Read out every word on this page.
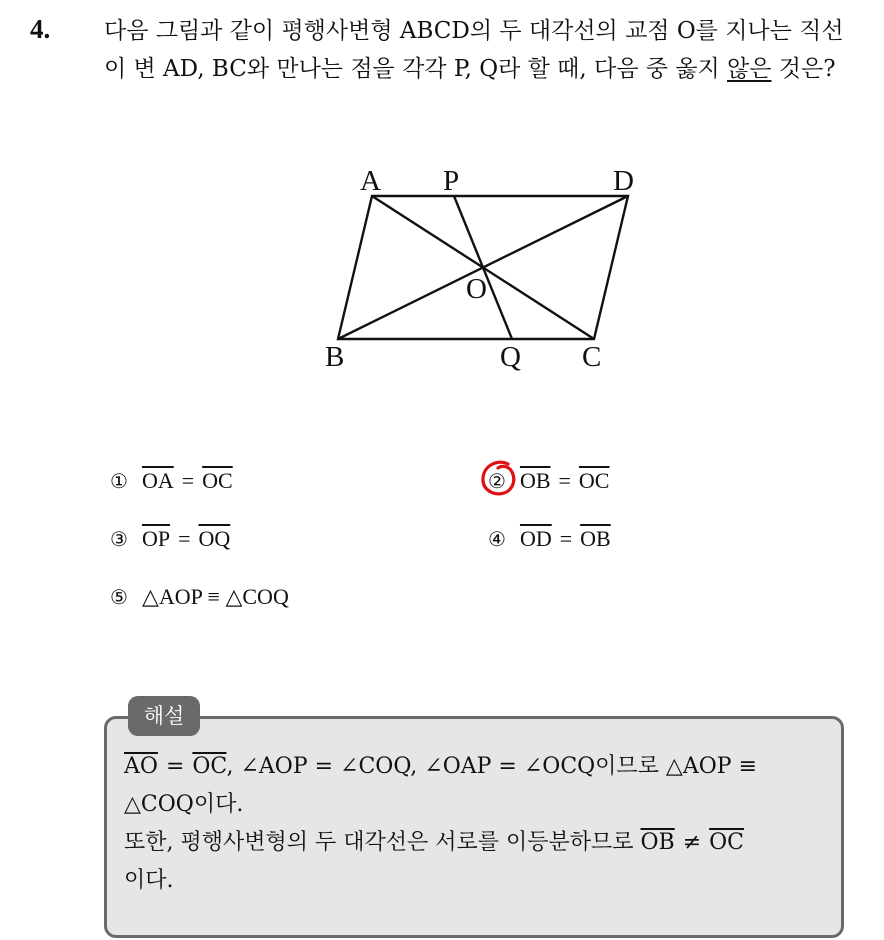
4. 다음 그림과 같이 평행사변형 ABCD의 두 대각선의 교점 O를 지나는 직선이 변 AD, BC와 만나는 점을 각각 P, Q라 할 때, 다음 중 옳지 않은 것은?
A P	D
O
B	Q C
① $\overline{OA} = \overline{OC}$	② $\overline{OB} = \overline{OC}$
③ $\overline{OP} = \overline{OQ}$	④ $\overline{OD} = \overline{OB}$
⑤ △AOP ≡ △COQ
해설
$\overline{AO} = \overline{OC}$, ∠AOP = ∠COQ, ∠OAP = ∠OCQ이므로 △AOP ≡
△COQ이다.
또한, 평행사변형의 두 대각선은 서로를 이등분하므로 $\overline{OB} \ne \overline{OC}$
이다.
